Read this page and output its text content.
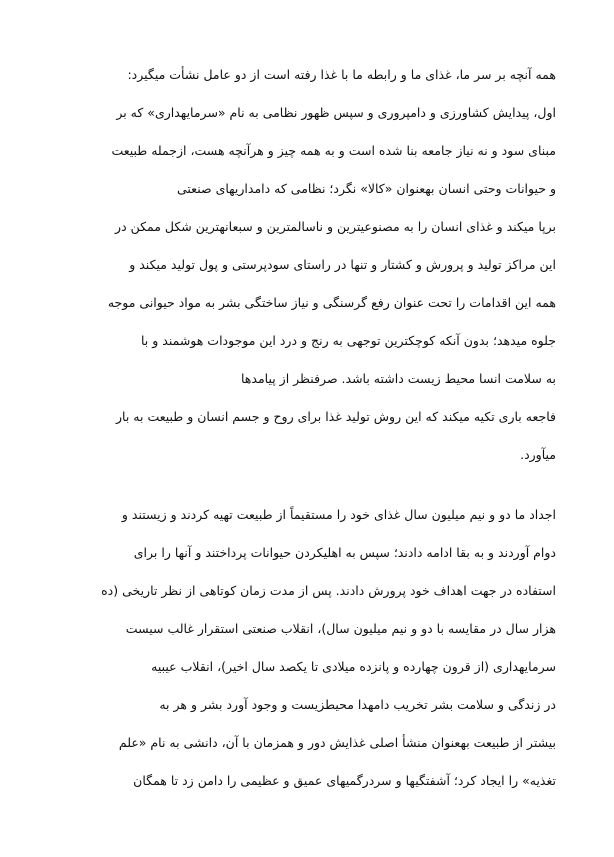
همه آنچه بر سر ما، غذای ما و رابطه ما با غذا رفته است از دو عامل نشأت میگیرد:
اول، پیدایش کشاورزی و دامپروری و سپس ظهور نظامی به نام «سرمایهداری» که بر
مبنای سود و نه نیاز جامعه بنا شده است و به همه چیز و هرآنچه هست، ازجمله طبیعت
و حیوانات وحتی انسان بهعنوان «کالا» نگرد؛ نظامی که دامداریهای صنعتی
برپا میکند و غذای انسان را به مصنوعیترین و ناسالمترین و سبعانهترین شکل ممکن در
این مراکز تولید و پرورش و کشتار و تنها در راستای سودپرستی و پول تولید میکند و
همه این اقدامات را تحت عنوان رفع گرسنگی و نیاز ساختگی بشر به مواد حیوانی موجه
جلوه میدهد؛ بدون آنکه کوچکترین توجهی به رنج و درد این موجودات هوشمند و با
به سلامت انسا محیط زیست داشته باشد. صرفنظر از پیامدها
فاجعه باری تکیه میکند که این روش تولید غذا برای روح و جسم انسان و طبیعت به بار
میآورد.
اجداد ما دو و نیم میلیون سال غذای خود را مستقیماً از طبیعت تهیه کردند و زیستند و
دوام آوردند و به بقا ادامه دادند؛ سپس به اهلیکردن حیوانات پرداختند و آنها را برای
استفاده در جهت اهداف خود پرورش دادند. پس از مدت زمان کوتاهی از نظر تاریخی (ده
هزار سال در مقایسه با دو و نیم میلیون سال)، انقلاب صنعتی استقرار غالب سیست
سرمایهداری (از قرون چهارده و پانزده میلادی تا یکصد سال اخیر)، انقلاب عیبیه
در زندگی و سلامت بشر تخریب دامهدا محیطزیست و وجود آورد بشر و هر به
بیشتر از طبیعت بهعنوان منشأ اصلی غذایش دور و همزمان با آن، دانشی به نام «علم
تغذیه» را ایجاد کرد؛ آشفتگیها و سردرگمیهای عمیق و عظیمی را دامن زد تا همگان
